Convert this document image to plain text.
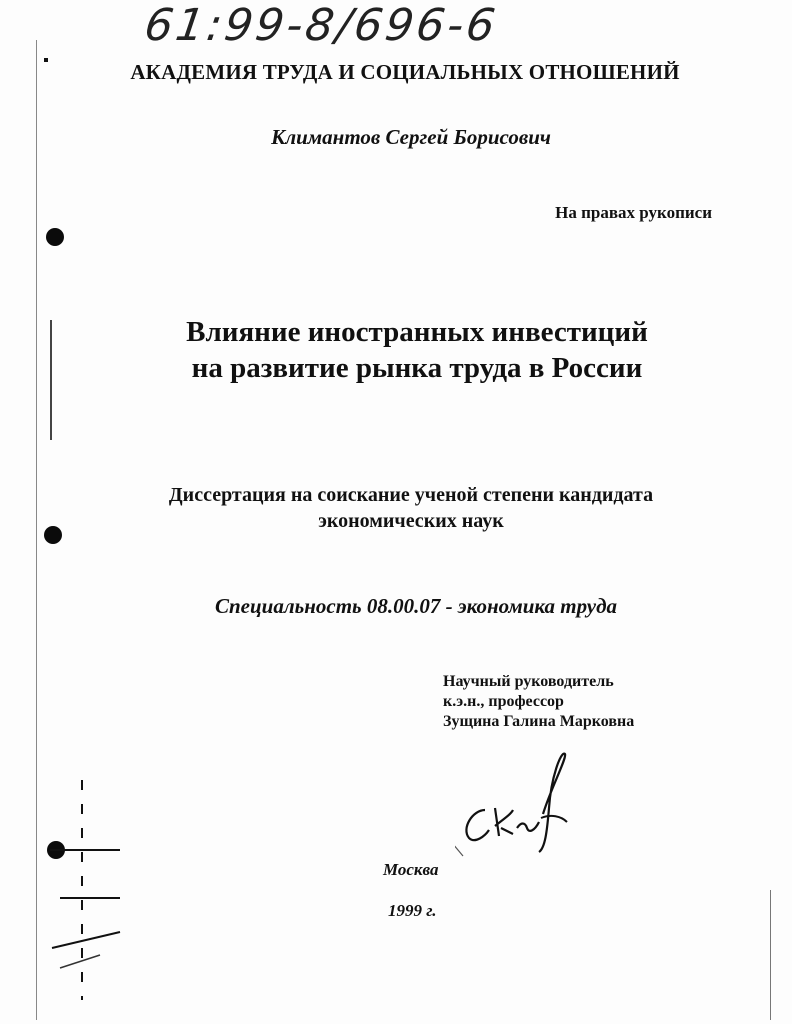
61:99-8/696-6
АКАДЕМИЯ ТРУДА И СОЦИАЛЬНЫХ ОТНОШЕНИЙ
Климантов Сергей Борисович
На правах рукописи
Влияние иностранных инвестиций
на развитие рынка труда в России
Диссертация на соискание ученой степени кандидата
экономических наук
Специальность 08.00.07 - экономика труда
Научный руководитель
к.э.н., профессор
Зущина Галина Марковна
Москва
1999 г.
